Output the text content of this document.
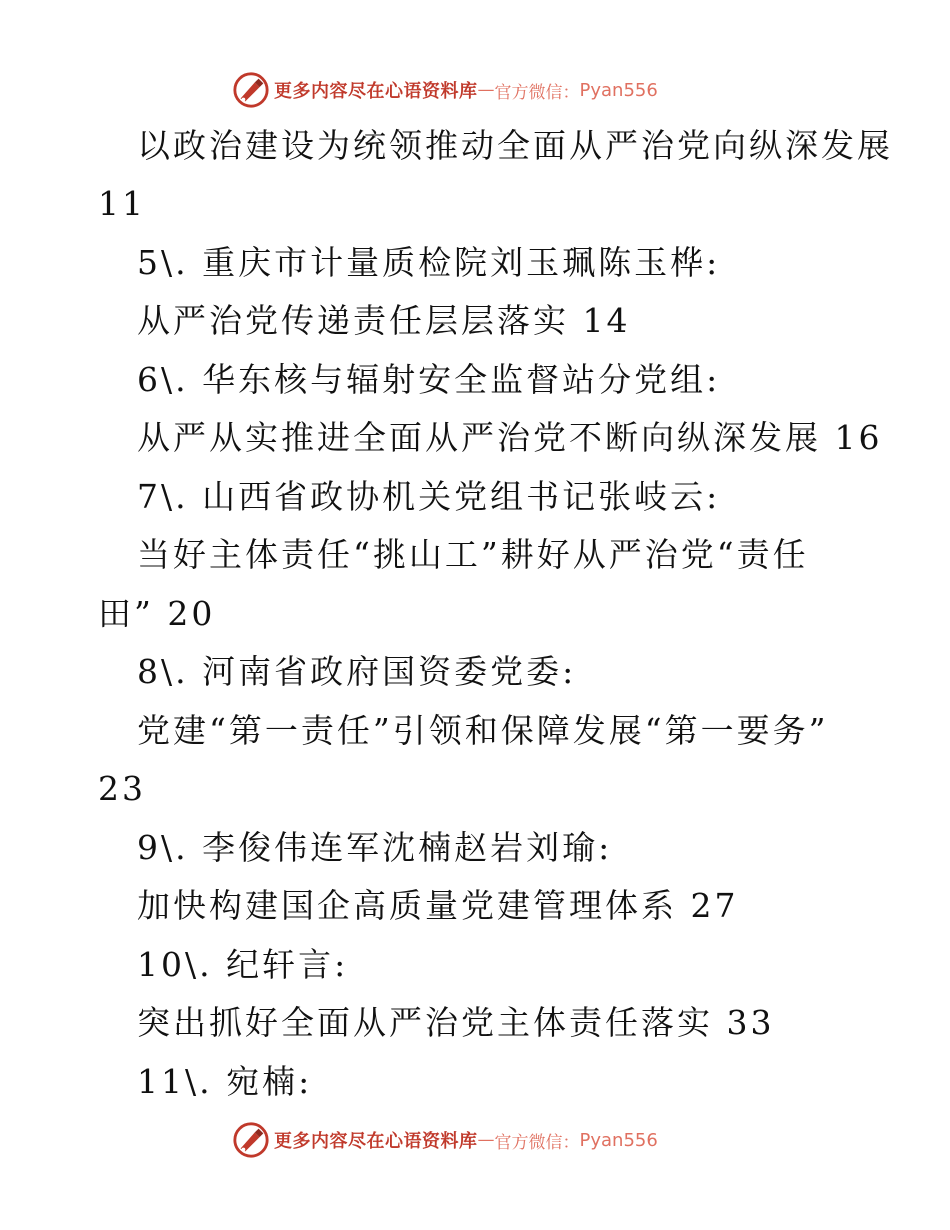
更多内容尽在心语资料库 — 官方微信： Pyan556
以政治建设为统领推动全面从严治党向纵深发展
11
5\. 重庆市计量质检院刘玉珮陈玉桦:
从严治党传递责任层层落实 14
6\. 华东核与辐射安全监督站分党组:
从严从实推进全面从严治党不断向纵深发展 16
7\. 山西省政协机关党组书记张岐云:
当好主体责任“挑山工”耕好从严治党“责任
田” 20
8\. 河南省政府国资委党委:
党建“第一责任”引领和保障发展“第一要务”
23
9\. 李俊伟连军沈楠赵岩刘瑜:
加快构建国企高质量党建管理体系 27
10\. 纪轩言:
突出抓好全面从严治党主体责任落实 33
11\. 宛楠:
更多内容尽在心语资料库 — 官方微信： Pyan556
